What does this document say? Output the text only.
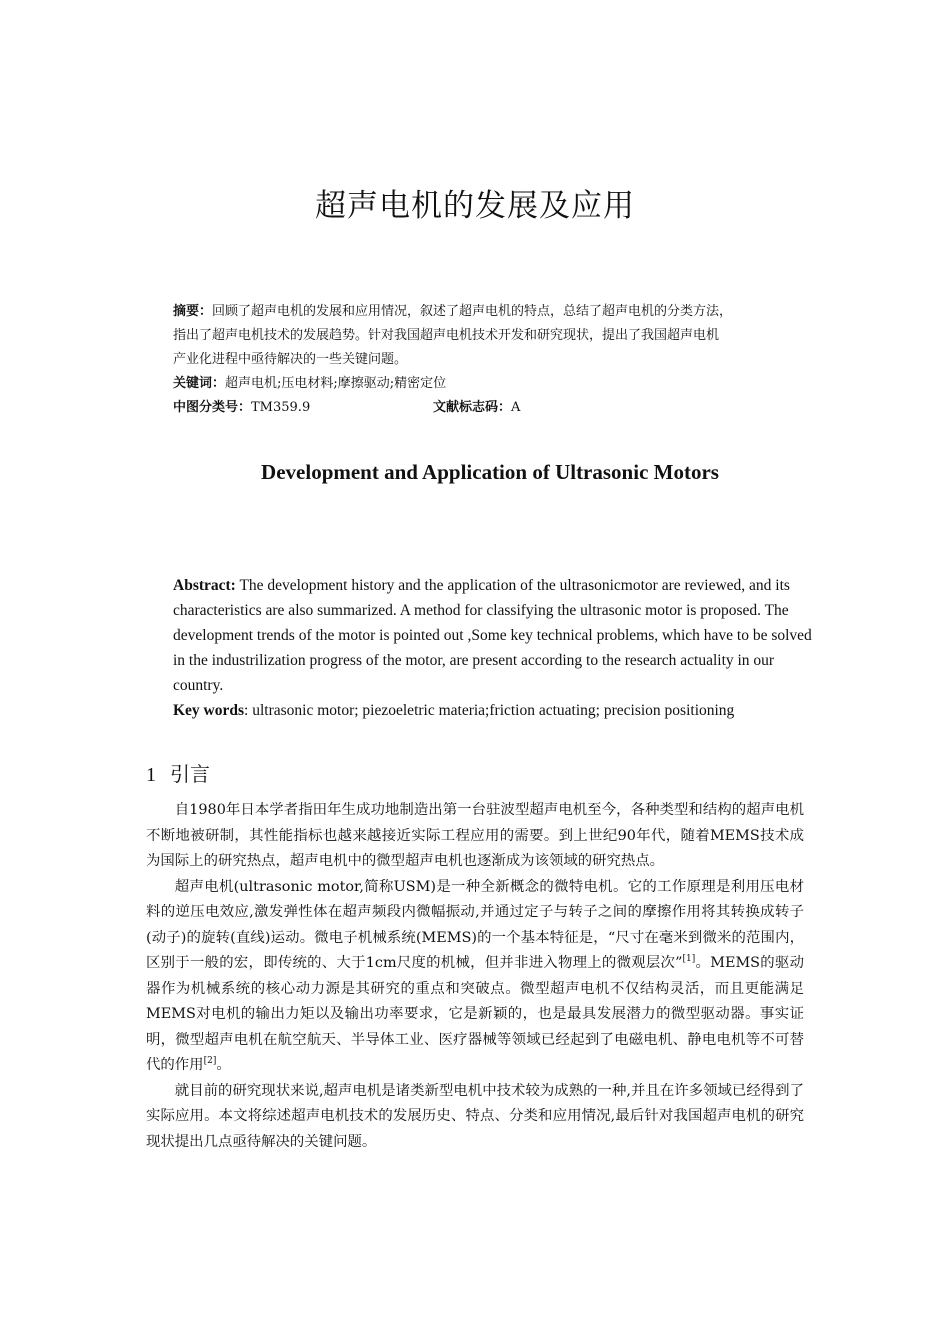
超声电机的发展及应用
摘要：回顾了超声电机的发展和应用情况，叙述了超声电机的特点，总结了超声电机的分类方法，
指出了超声电机技术的发展趋势。针对我国超声电机技术开发和研究现状，提出了我国超声电机
产业化进程中亟待解决的一些关键问题。
关键词：超声电机;压电材料;摩擦驱动;精密定位
中图分类号：TM359.9	文献标志码：A
Development and Application of Ultrasonic Motors
Abstract: The development history and the application of the ultrasonicmotor are reviewed, and its characteristics are also summarized. A method for classifying the ultrasonic motor is proposed. The development trends of the motor is pointed out ,Some key technical problems, which have to be solved in the industrilization progress of the motor, are present according to the research actuality in our country.
Key words: ultrasonic motor; piezoeletric materia;friction actuating; precision positioning
1 引言

自1980年日本学者指田年生成功地制造出第一台驻波型超声电机至今，各种类型和结构的超声电机不断地被研制，其性能指标也越来越接近实际工程应用的需要。到上世纪90年代，随着MEMS技术成为国际上的研究热点，超声电机中的微型超声电机也逐渐成为该领域的研究热点。

超声电机(ultrasonic motor,简称USM)是一种全新概念的微特电机。它的工作原理是利用压电材料的逆压电效应,激发弹性体在超声频段内微幅振动,并通过定子与转子之间的摩擦作用将其转换成转子(动子)的旋转(直线)运动。微电子机械系统(MEMS)的一个基本特征是，“尺寸在毫米到微米的范围内，区别于一般的宏，即传统的、大于1cm尺度的机械，但并非进入物理上的微观层次”[1]。MEMS的驱动器作为机械系统的核心动力源是其研究的重点和突破点。微型超声电机不仅结构灵活，而且更能满足MEMS对电机的输出力矩以及输出功率要求，它是新颖的，也是最具发展潜力的微型驱动器。事实证明，微型超声电机在航空航天、半导体工业、医疗器械等领域已经起到了电磁电机、静电电机等不可替代的作用[2]。

就目前的研究现状来说,超声电机是诸类新型电机中技术较为成熟的一种,并且在许多领域已经得到了实际应用。本文将综述超声电机技术的发展历史、特点、分类和应用情况,最后针对我国超声电机的研究现状提出几点亟待解决的关键问题。
